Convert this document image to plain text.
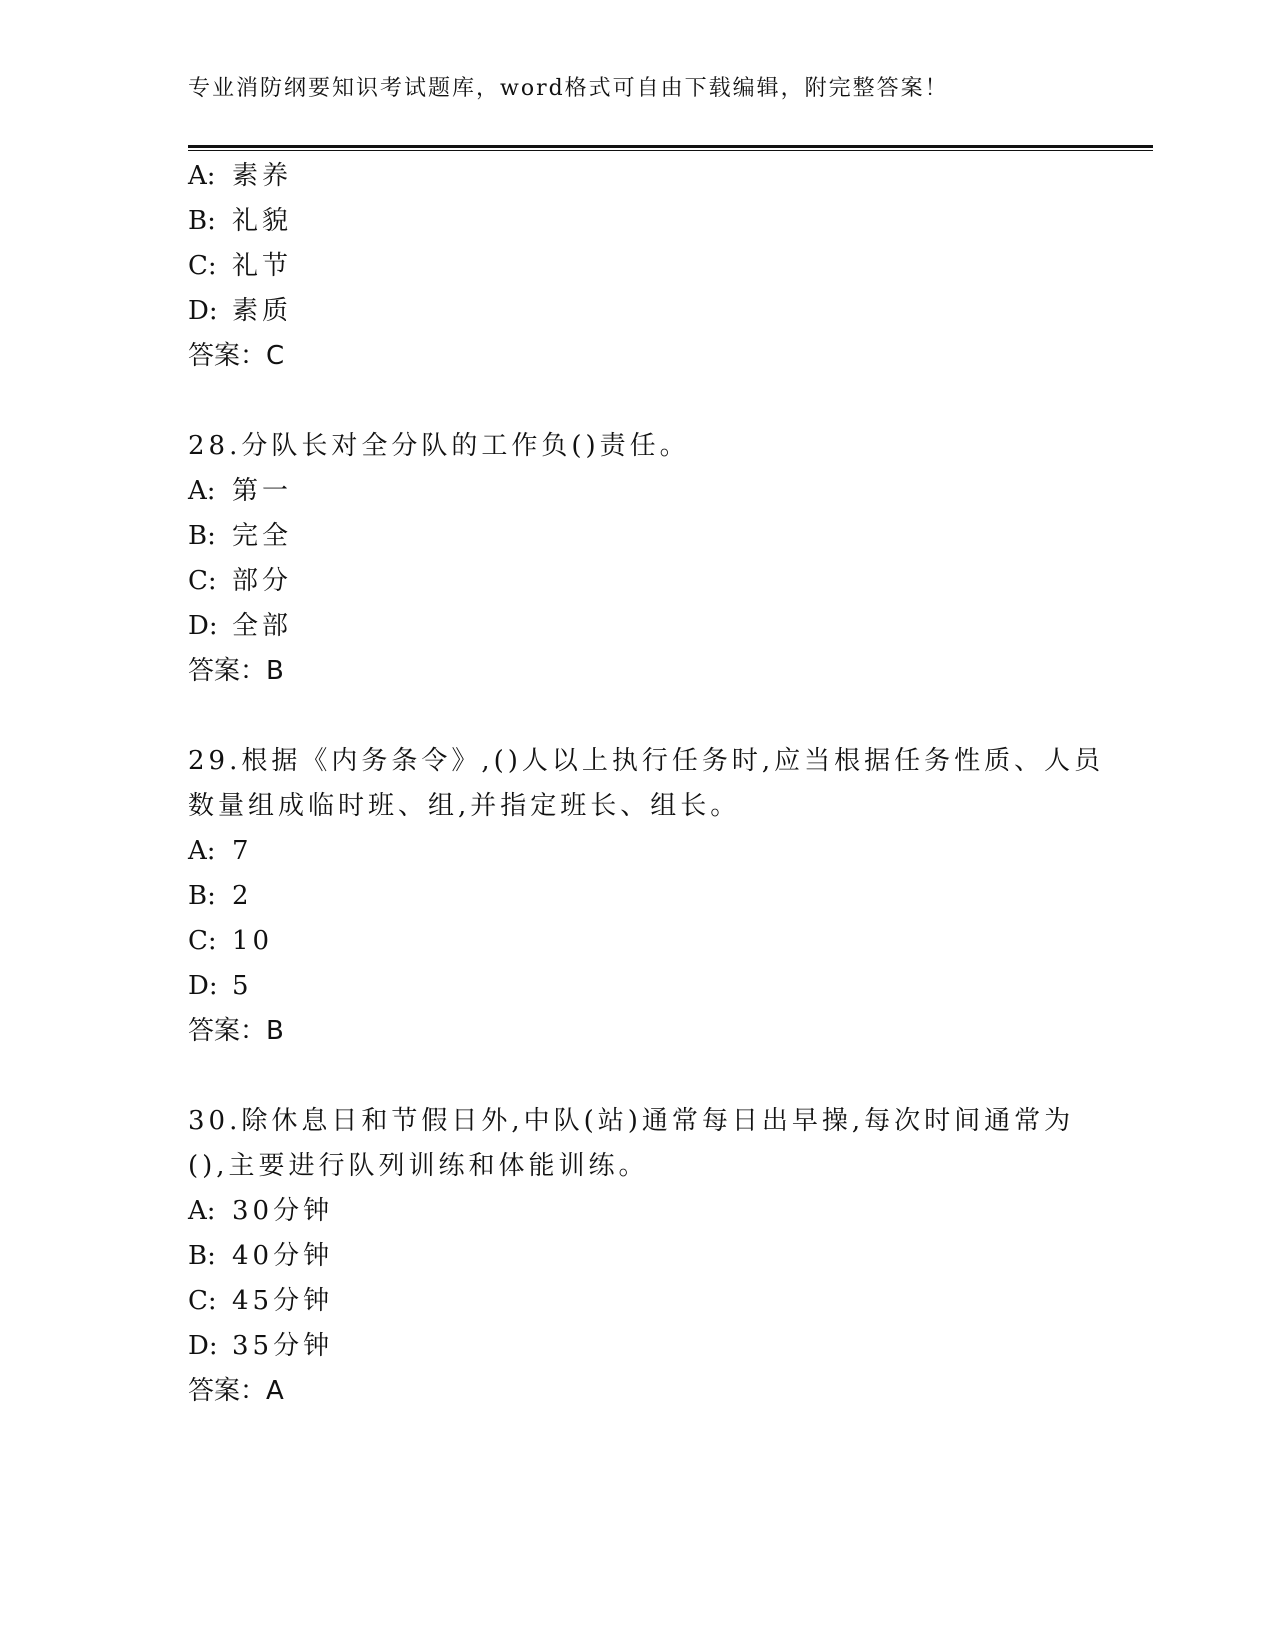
专业消防纲要知识考试题库，word格式可自由下载编辑，附完整答案！
A: 素养
B: 礼貌
C: 礼节
D: 素质
答案：C
28.分队长对全分队的工作负()责任。
A: 第一
B: 完全
C: 部分
D: 全部
答案：B
29.根据《内务条令》,()人以上执行任务时,应当根据任务性质、人员
数量组成临时班、组,并指定班长、组长。
A: 7
B: 2
C: 10
D: 5
答案：B
30.除休息日和节假日外,中队(站)通常每日出早操,每次时间通常为
(),主要进行队列训练和体能训练。
A: 30分钟
B: 40分钟
C: 45分钟
D: 35分钟
答案：A
